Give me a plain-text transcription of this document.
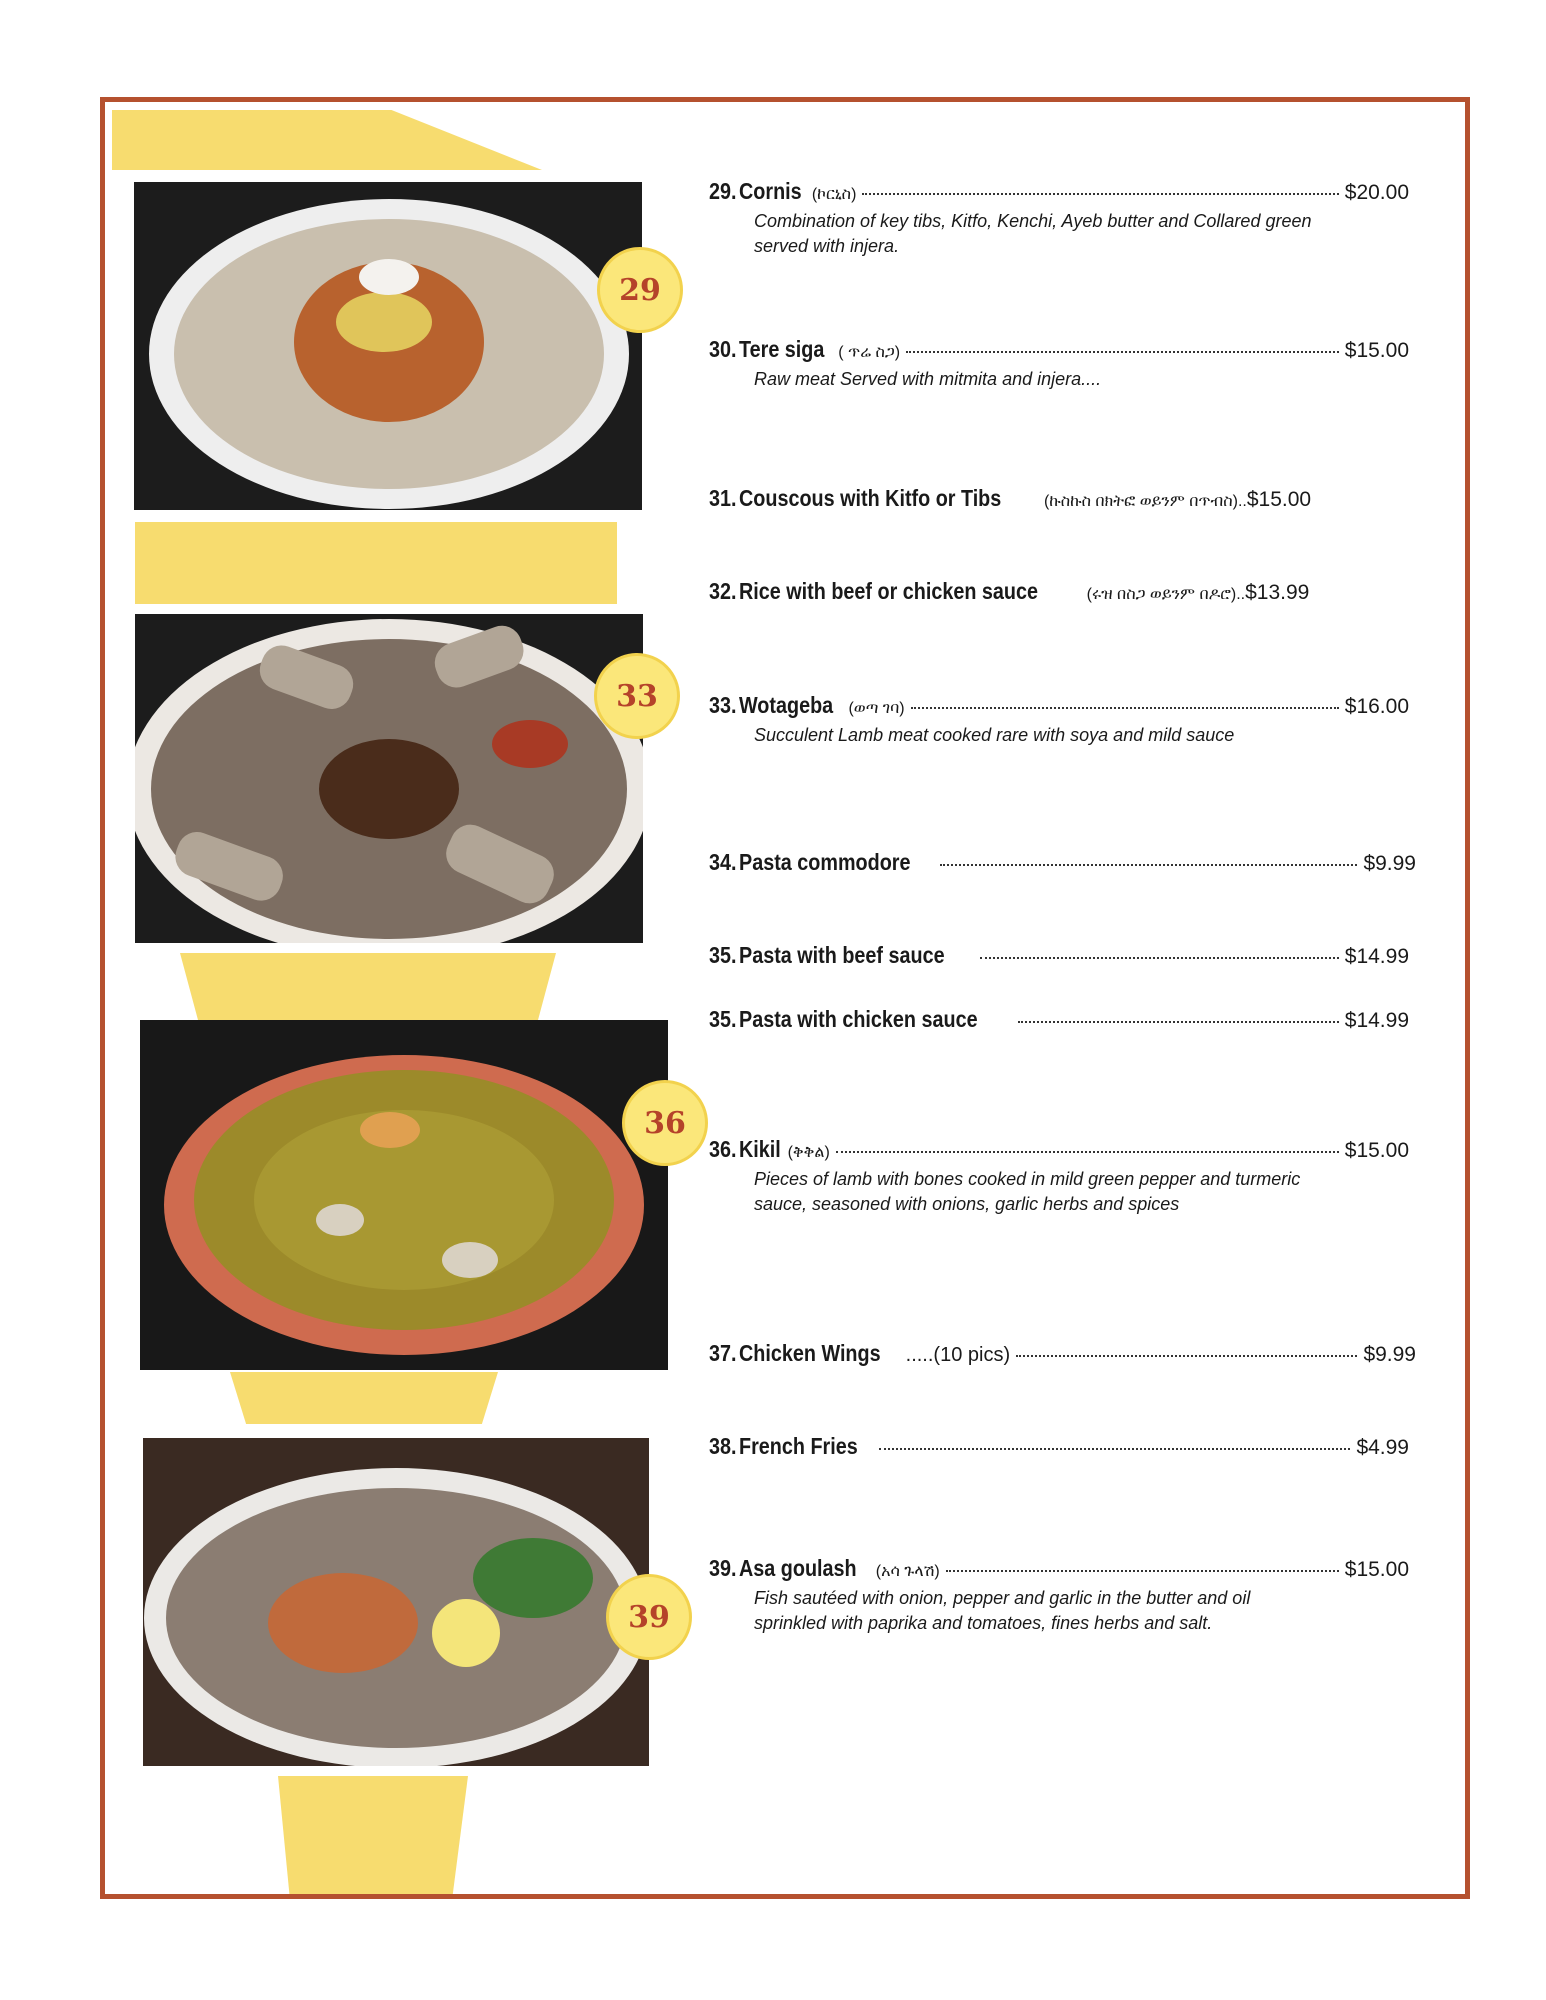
29
33
36
39
29. Cornis (ኮርኒስ)	$20.00
Combination of key tibs, Kitfo, Kenchi, Ayeb butter and Collared green served with injera.
30. Tere siga ( ጥሬ ስጋ)	$15.00
Raw meat Served with mitmita and injera....
31. Couscous with Kitfo or Tibs	(ኩስኩስ በክትፎ ወይንም በጥብስ).. $15.00
32. Rice with beef or chicken sauce	(ሩዝ በስጋ ወይንም በዶሮ).. $13.99
33. Wotageba (ወጣ ገባ)	$16.00
Succulent Lamb meat cooked rare with soya and mild sauce
34. Pasta commodore	$9.99
35. Pasta with beef sauce	$14.99
35. Pasta with chicken sauce	$14.99
36. Kikil (ቅቅል)	$15.00
Pieces of lamb with bones cooked in mild green pepper and turmeric sauce, seasoned with onions, garlic herbs and spices
37. Chicken Wings .....(10 pics)	$9.99
38. French Fries	$4.99
39. Asa goulash (አሳ ጉላሽ)	$15.00
Fish sautéed with onion, pepper and garlic in the butter and oil sprinkled with paprika and tomatoes, fines herbs and salt.
